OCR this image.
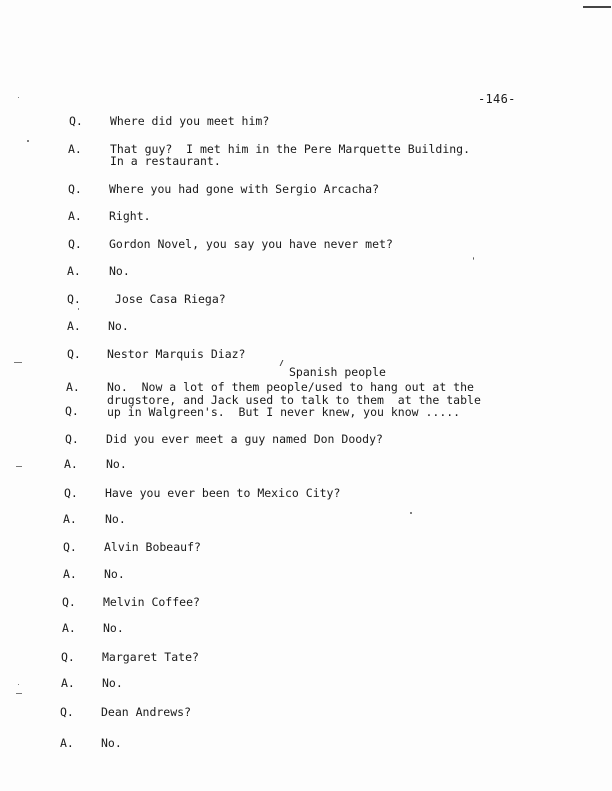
-146-
Q. Where did you meet him?
A. That guy?  I met him in the Pere Marquette Building.
In a restaurant.
Q. Where you had gone with Sergio Arcacha?
A. Right.
Q. Gordon Novel, you say you have never met?
A. No.
Q. Jose Casa Riega?
A. No.
Q. Nestor Marquis Diaz?
Spanish people
A. No.  Now a lot of them people/used to hang out at the
drugstore, and Jack used to talk to them  at the table
Q. up in Walgreen's.  But I never knew, you know .....
Q. Did you ever meet a guy named Don Doody?
A. No.
Q. Have you ever been to Mexico City?
A. No.
Q. Alvin Bobeauf?
A. No.
Q. Melvin Coffee?
A. No.
Q. Margaret Tate?
A. No.
Q. Dean Andrews?
A. No.
